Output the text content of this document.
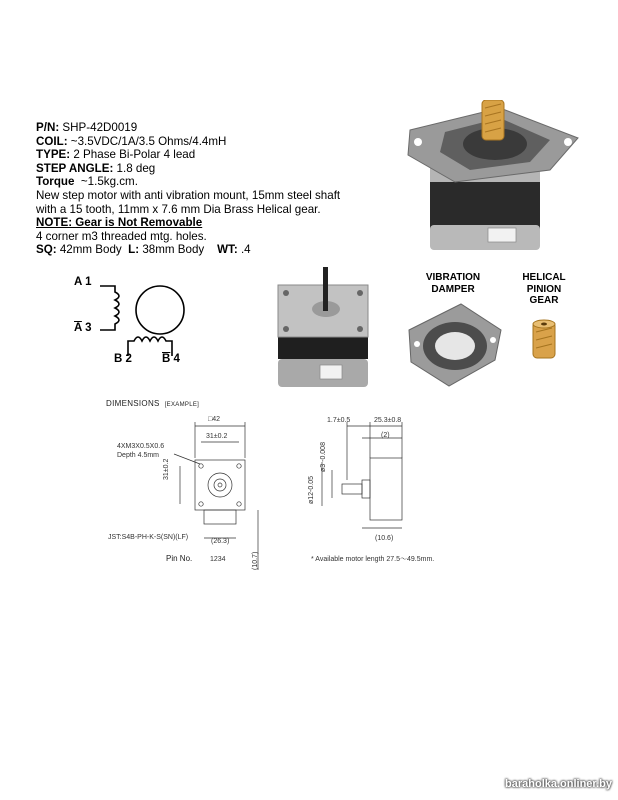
P/N: SHP-42D0019
COIL: ~3.5VDC/1A/3.5 Ohms/4.4mH
TYPE: 2 Phase Bi-Polar 4 lead
STEP ANGLE: 1.8 deg
Torque ~1.5kg.cm.
New step motor with anti vibration mount, 15mm steel shaft
with a 15 tooth, 11mm x 7.6 mm Dia Brass Helical gear.
NOTE: Gear is Not Removable
4 corner m3 threaded mtg. holes.
SQ: 42mm Body L: 38mm Body WT: .4
A 1
$\overline{A}$ 3
B 2	$\overline{B}$ 4
VIBRATION
DAMPER
HELICAL
PINION
GEAR
DIMENSIONS [EXAMPLE]
□42
31±0.2
4XM3X0.5X0.6
Depth 4.5mm
31±0.2
JST:S4B-PH-K-S(SN)(LF)
(26.3)
Pin No.	1234	(10.7)
1.7±0.5	25.3±0.8
(2)
ø3 -0.008
ø12-0.05
(10.6)
* Available motor length 27.5～49.5mm.
baraholka.onliner.by
